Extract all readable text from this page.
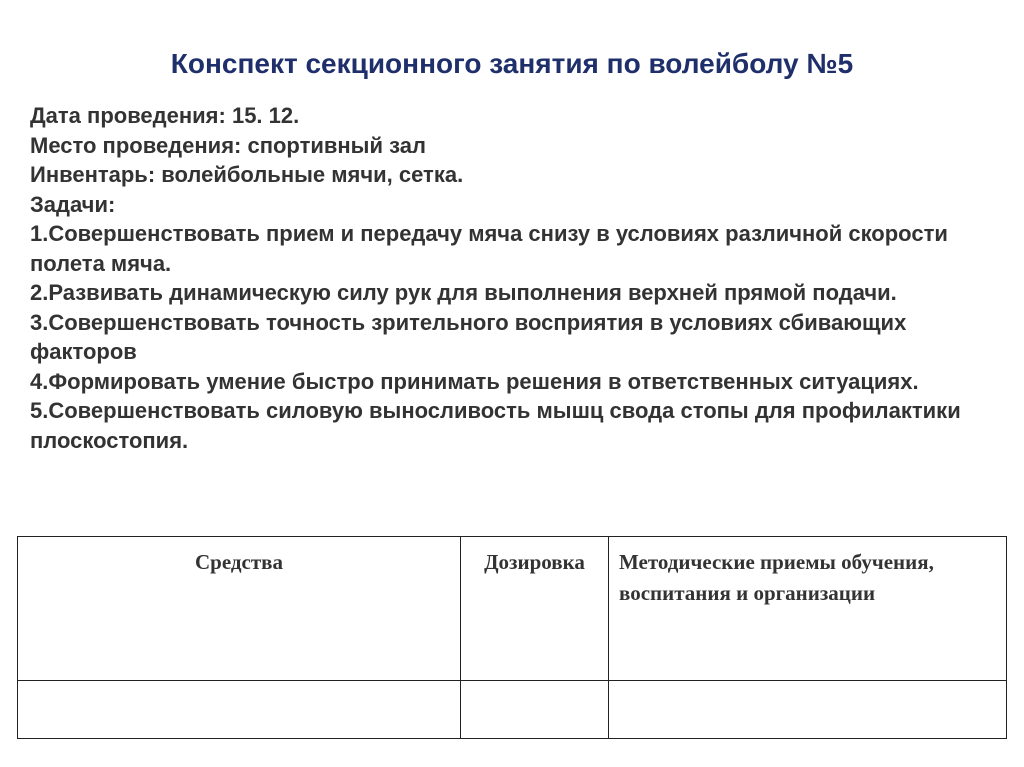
Конспект секционного занятия по волейболу №5
Дата проведения: 15. 12.
Место проведения: спортивный зал
Инвентарь: волейбольные мячи, сетка.
Задачи:
1.Совершенствовать прием и передачу мяча снизу в условиях различной скорости полета мяча.
2.Развивать динамическую силу рук для выполнения верхней прямой подачи.
3.Совершенствовать точность зрительного восприятия в условиях сбивающих факторов
4.Формировать умение быстро принимать решения в ответственных ситуациях.
5.Совершенствовать силовую выносливость мышц свода стопы для профилактики плоскостопия.
Средства	Дозировка	Методические приемы обучения, воспитания и организации
